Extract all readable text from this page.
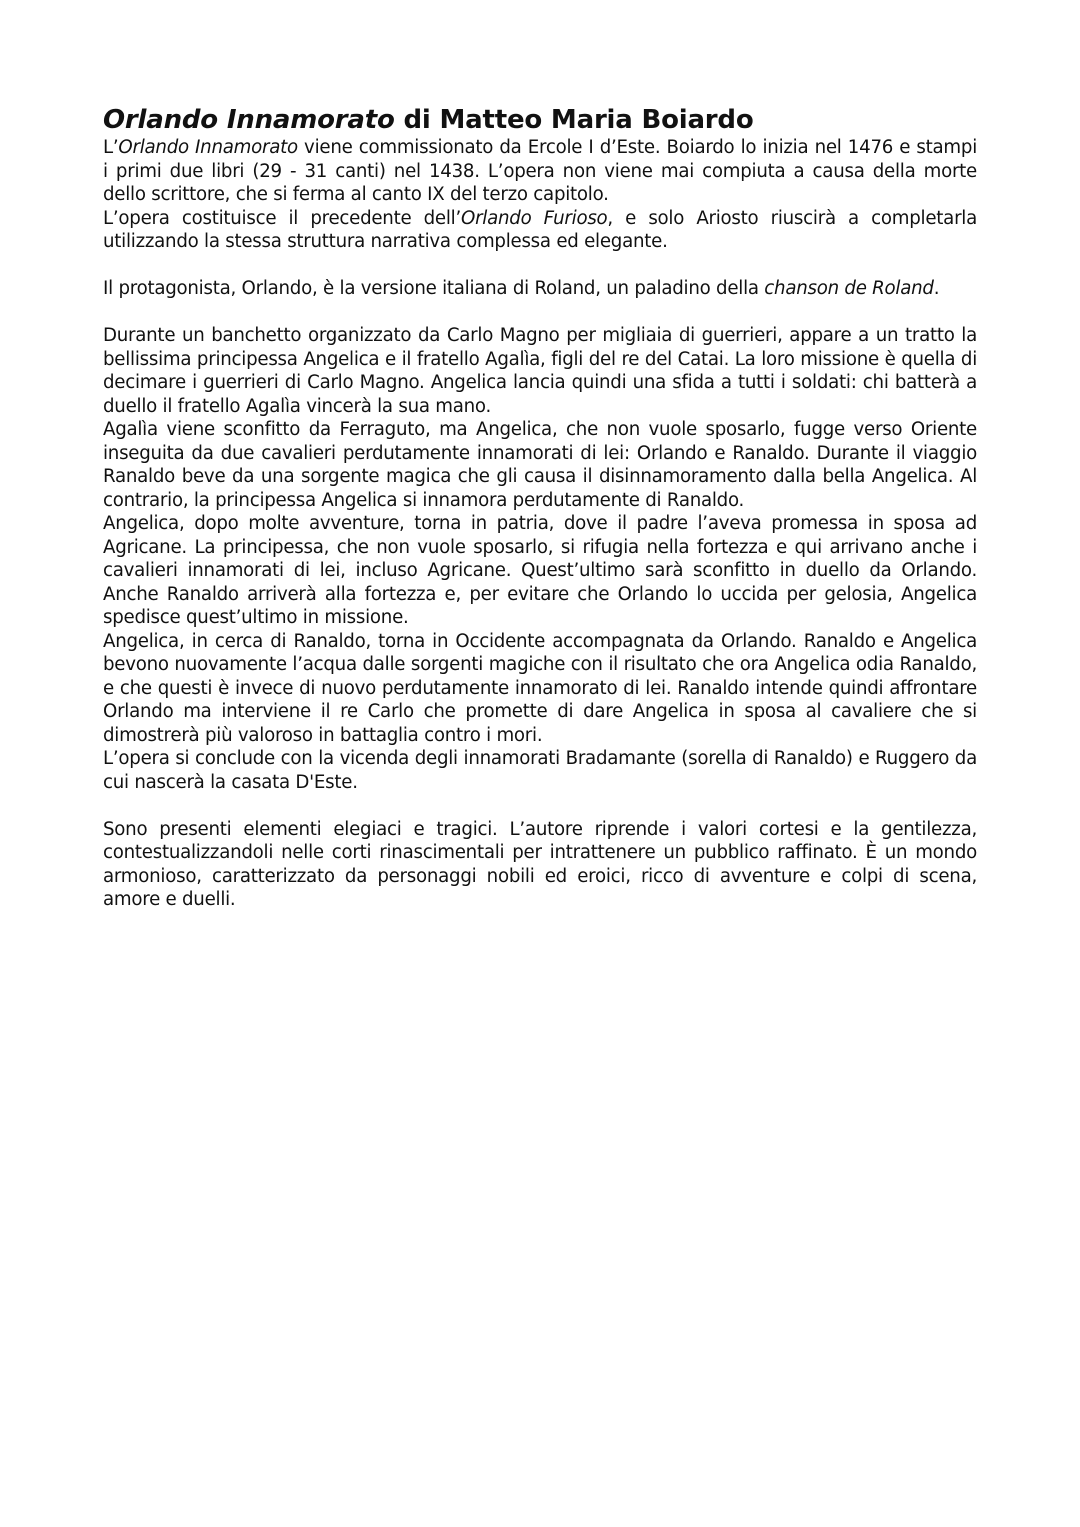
Orlando Innamorato di Matteo Maria Boiardo

L’Orlando Innamorato viene commissionato da Ercole I d’Este. Boiardo lo inizia nel 1476 e stampi i primi due libri (29 - 31 canti) nel 1438. L’opera non viene mai compiuta a causa della morte dello scrittore, che si ferma al canto IX del terzo capitolo.

L’opera costituisce il precedente dell’Orlando Furioso, e solo Ariosto riuscirà a completarla utilizzando la stessa struttura narrativa complessa ed elegante.

Il protagonista, Orlando, è la versione italiana di Roland, un paladino della chanson de Roland.

Durante un banchetto organizzato da Carlo Magno per migliaia di guerrieri, appare a un tratto la bellissima principessa Angelica e il fratello Agalìa, figli del re del Catai. La loro missione è quella di decimare i guerrieri di Carlo Magno. Angelica lancia quindi una sfida a tutti i soldati: chi batterà a duello il fratello Agalìa vincerà la sua mano.

Agalìa viene sconfitto da Ferraguto, ma Angelica, che non vuole sposarlo, fugge verso Oriente inseguita da due cavalieri perdutamente innamorati di lei: Orlando e Ranaldo. Durante il viaggio Ranaldo beve da una sorgente magica che gli causa il disinnamoramento dalla bella Angelica. Al contrario, la principessa Angelica si innamora perdutamente di Ranaldo.

Angelica, dopo molte avventure, torna in patria, dove il padre l’aveva promessa in sposa ad Agricane. La principessa, che non vuole sposarlo, si rifugia nella fortezza e qui arrivano anche i cavalieri innamorati di lei, incluso Agricane. Quest’ultimo sarà sconfitto in duello da Orlando. Anche Ranaldo arriverà alla fortezza e, per evitare che Orlando lo uccida per gelosia, Angelica spedisce quest’ultimo in missione.

Angelica, in cerca di Ranaldo, torna in Occidente accompagnata da Orlando. Ranaldo e Angelica bevono nuovamente l’acqua dalle sorgenti magiche con il risultato che ora Angelica odia Ranaldo, e che questi è invece di nuovo perdutamente innamorato di lei. Ranaldo intende quindi affrontare Orlando ma interviene il re Carlo che promette di dare Angelica in sposa al cavaliere che si dimostrerà più valoroso in battaglia contro i mori.

L’opera si conclude con la vicenda degli innamorati Bradamante (sorella di Ranaldo) e Ruggero da cui nascerà la casata D'Este.

Sono presenti elementi elegiaci e tragici. L’autore riprende i valori cortesi e la gentilezza, contestualizzandoli nelle corti rinascimentali per intrattenere un pubblico raffinato. È un mondo armonioso, caratterizzato da personaggi nobili ed eroici, ricco di avventure e colpi di scena, amore e duelli.
